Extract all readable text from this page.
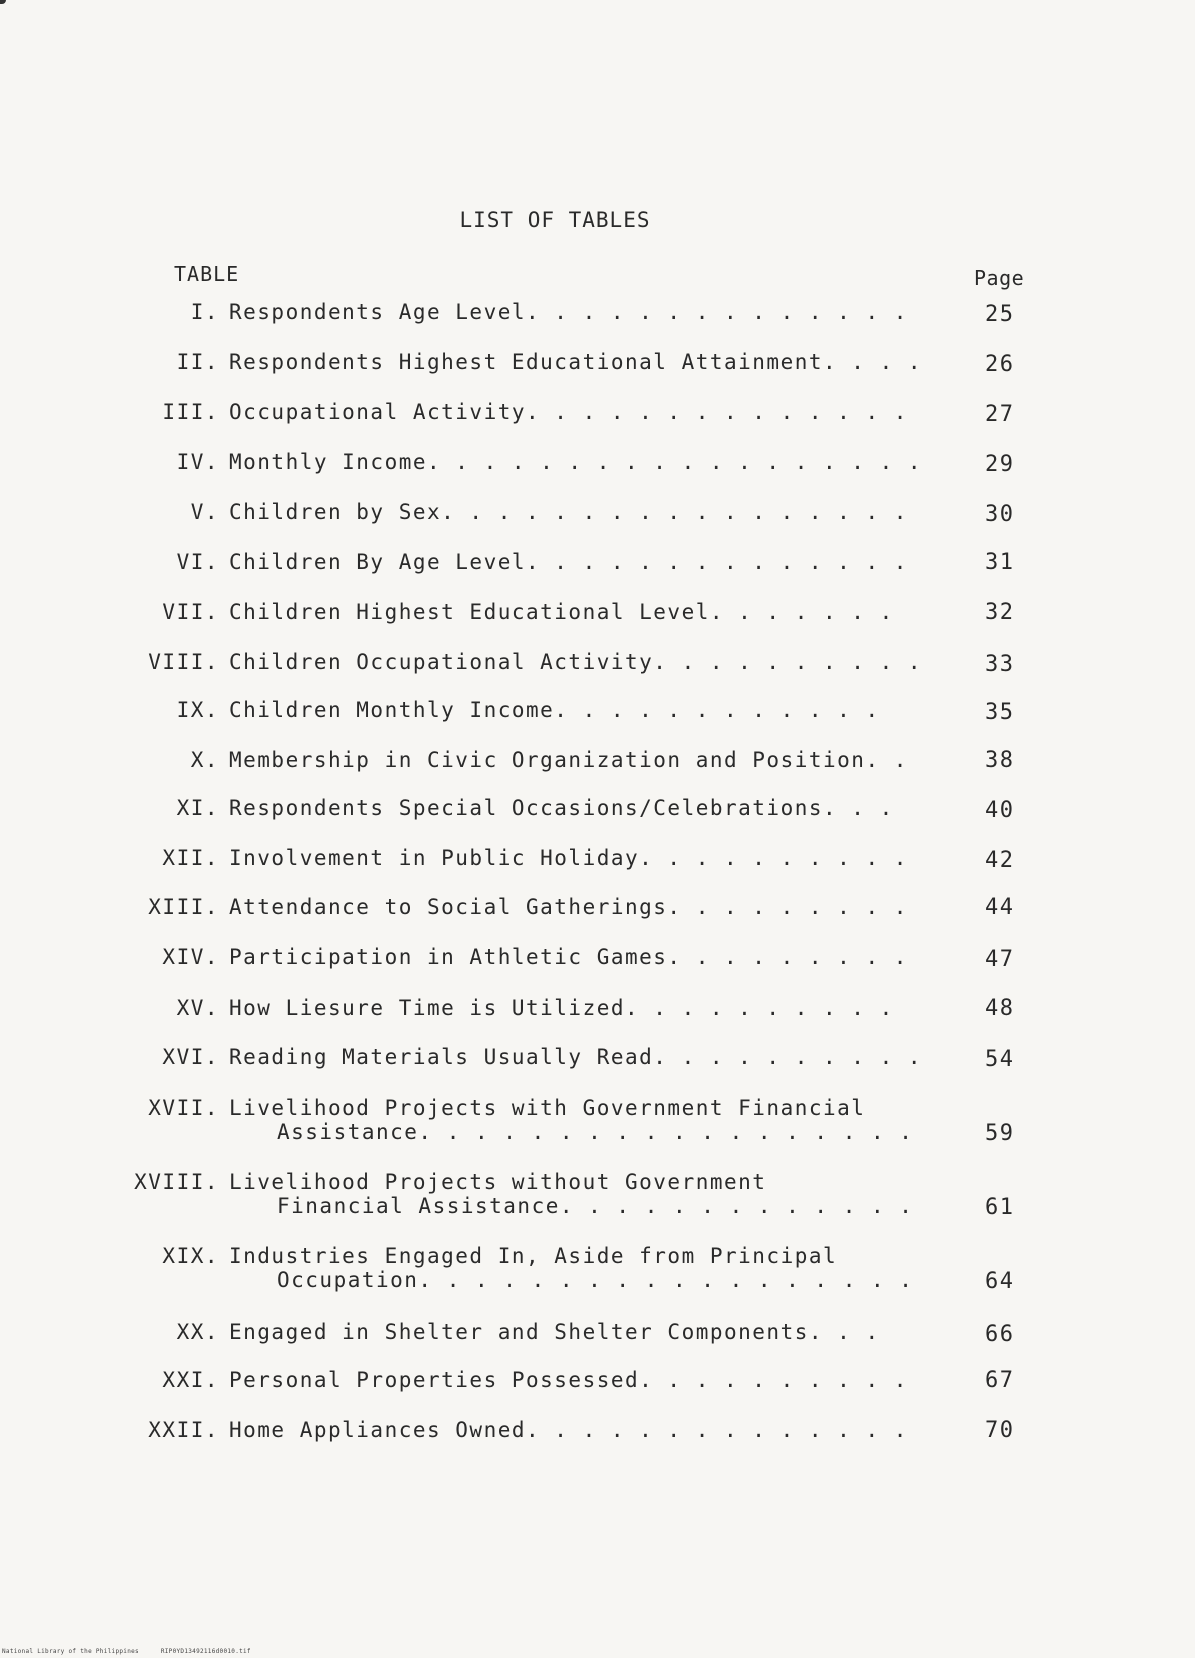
LIST OF TABLES
TABLE	Page
I. Respondents Age Level. . . . . . . . . . . . . .	25
II. Respondents Highest Educational Attainment. . . .	26
III. Occupational Activity. . . . . . . . . . . . . .	27
IV. Monthly Income. . . . . . . . . . . . . . . . . .	29
V. Children by Sex. . . . . . . . . . . . . . . . .	30
VI. Children By Age Level. . . . . . . . . . . . . .	31
VII. Children Highest Educational Level. . . . . . .	32
VIII. Children Occupational Activity. . . . . . . . . .	33
IX. Children Monthly Income. . . . . . . . . . . .	35
X. Membership in Civic Organization and Position. .	38
XI. Respondents Special Occasions/Celebrations. . .	40
XII. Involvement in Public Holiday. . . . . . . . . .	42
XIII. Attendance to Social Gatherings. . . . . . . . .	44
XIV. Participation in Athletic Games. . . . . . . . .	47
XV. How Liesure Time is Utilized. . . . . . . . . .	48
XVI. Reading Materials Usually Read. . . . . . . . . .	54
XVII. Livelihood Projects with Government Financial
Assistance. . . . . . . . . . . . . . . . . .	59
XVIII. Livelihood Projects without Government
Financial Assistance. . . . . . . . . . . . .	61
XIX. Industries Engaged In, Aside from Principal
Occupation. . . . . . . . . . . . . . . . . .	64
XX. Engaged in Shelter and Shelter Components. . .	66
XXI. Personal Properties Possessed. . . . . . . . . .	67
XXII. Home Appliances Owned. . . . . . . . . . . . . .	70
National Library of the Philippines	RIP0YD13492116d0010.tif
